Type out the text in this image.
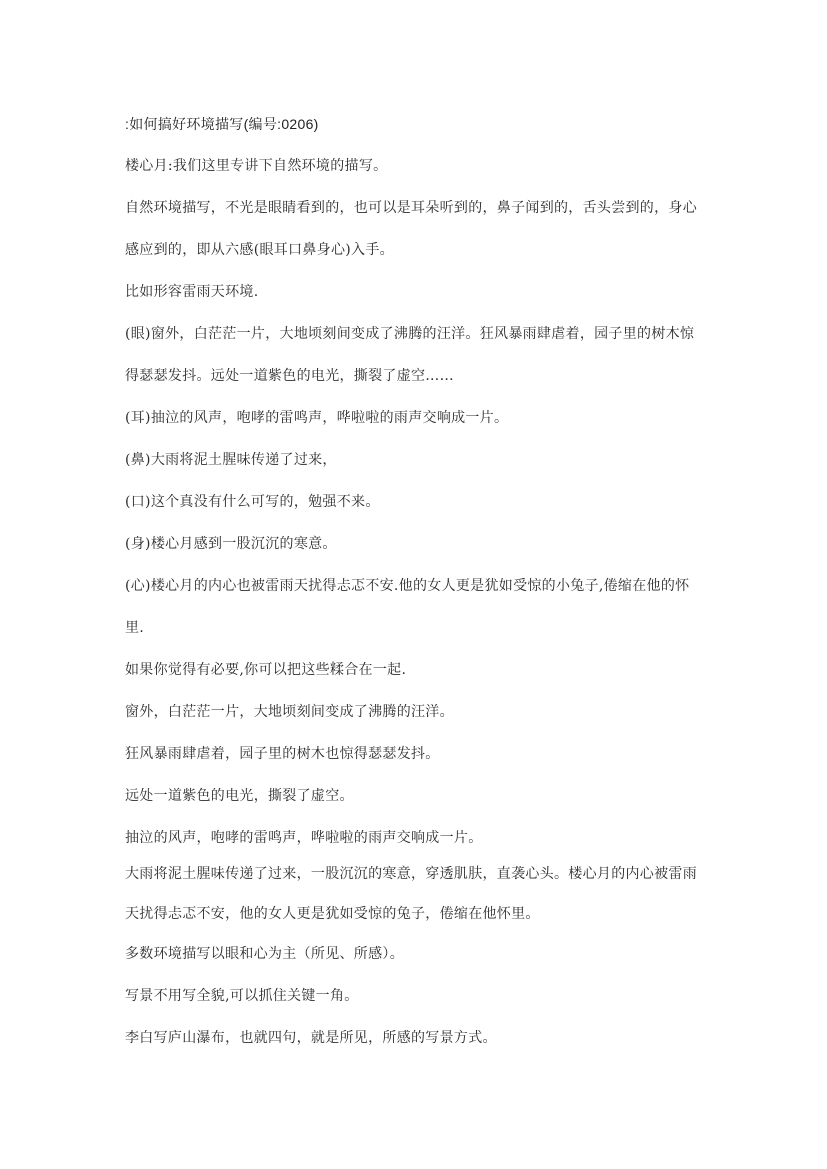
:如何搞好环境描写(编号:0206)
楼心月:我们这里专讲下自然环境的描写。
自然环境描写，不光是眼睛看到的，也可以是耳朵听到的，鼻子闻到的，舌头尝到的，身心
感应到的，即从六感(眼耳口鼻身心)入手。
比如形容雷雨天环境.
(眼)窗外，白茫茫一片，大地顷刻间变成了沸腾的汪洋。狂风暴雨肆虐着，园子里的树木惊
得瑟瑟发抖。远处一道紫色的电光，撕裂了虚空……
(耳)抽泣的风声，咆哮的雷鸣声，哗啦啦的雨声交响成一片。
(鼻)大雨将泥土腥味传递了过来，
(口)这个真没有什么可写的，勉强不来。
(身)楼心月感到一股沉沉的寒意。
(心)楼心月的内心也被雷雨天扰得忐忑不安.他的女人更是犹如受惊的小兔子,倦缩在他的怀
里.
如果你觉得有必要,你可以把这些糅合在一起.
窗外，白茫茫一片，大地顷刻间变成了沸腾的汪洋。
狂风暴雨肆虐着，园子里的树木也惊得瑟瑟发抖。
远处一道紫色的电光，撕裂了虚空。
抽泣的风声，咆哮的雷鸣声，哗啦啦的雨声交响成一片。
大雨将泥土腥味传递了过来，一股沉沉的寒意，穿透肌肤，直袭心头。楼心月的内心被雷雨
天扰得忐忑不安，他的女人更是犹如受惊的兔子，倦缩在他怀里。
多数环境描写以眼和心为主（所见、所感）。
写景不用写全貌,可以抓住关键一角。
李白写庐山瀑布，也就四句，就是所见，所感的写景方式。
